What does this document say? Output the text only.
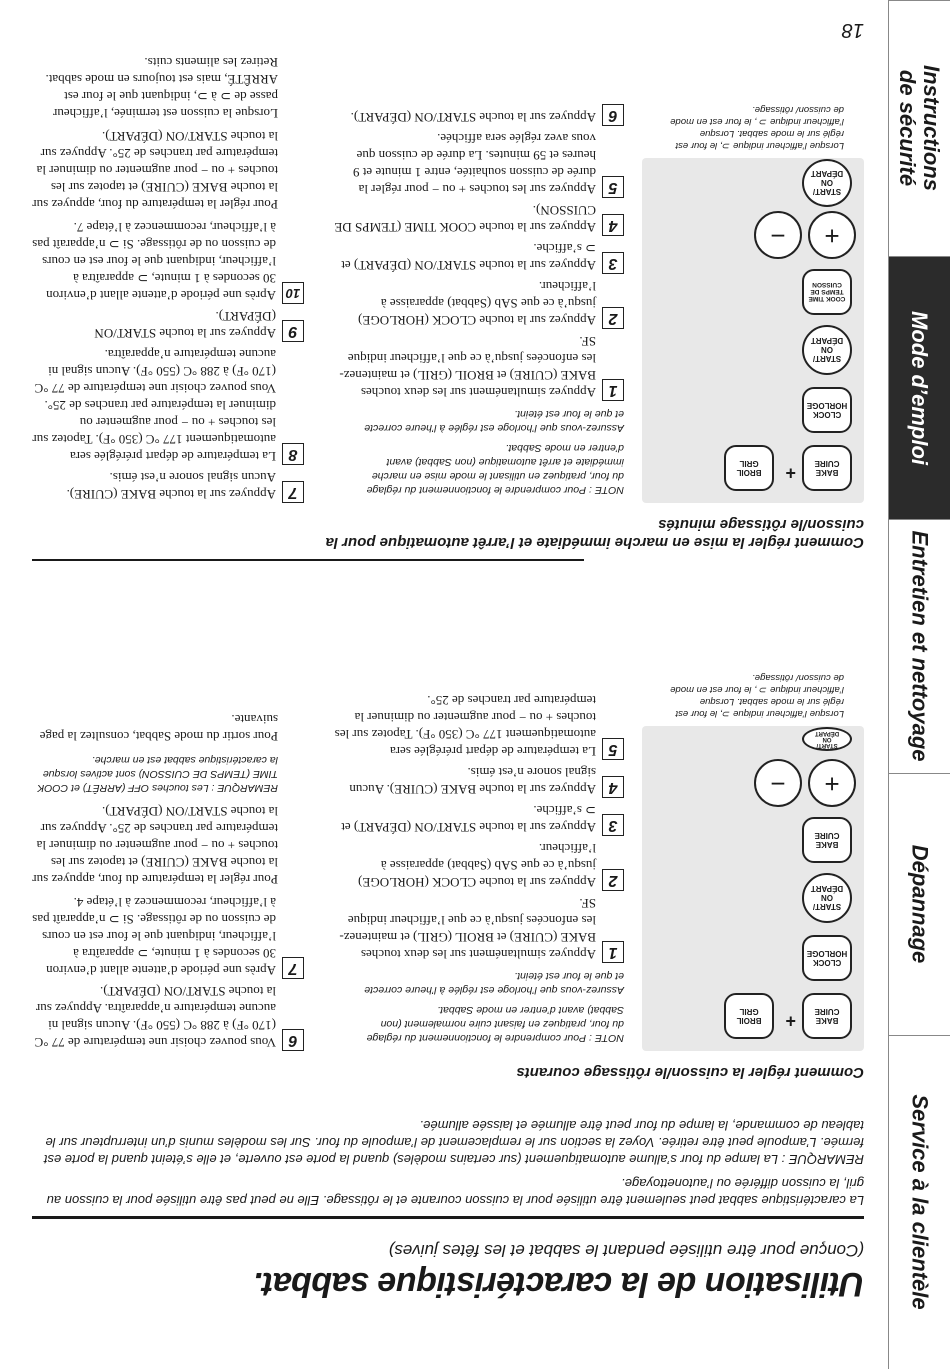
Instructions
de sécurité
Mode d’emploi
Entretien et nettoyage
Dépannage
Service à la clientèle
18
Utilisation de la caractéristique sabbat.
(Conçue pour être utilisée pendant le sabbat et les fêtes juives)

La caractéristique sabbat peut seulement être utilisée pour la cuisson courante et le rôtissage. Elle ne peut pas être utilisée pour la cuisson au gril, la cuisson différée ou l’autonettoyage.

REMARQUE : La lampe du four s’allume automatiquement (sur certains modèles) quand la porte est ouverte, et elle s’éteint quand la porte est fermée. L’ampoule peut être retirée. Voyez la section sur le remplacement de l’ampoule du four. Sur les modèles munis d’un interrupteur sur le tableau de commande, la lampe du four peut être allumée et laissée allumée.

Comment régler la cuisson/le rôtissage courants
BAKE
CUIRE
+
BROIL
GRIL
CLOCK
HORLOGE
START/
ON
DÉPART
BAKE
CUIRE
+
−
START/
ON
DÉPART
Lorsque l’afficheur indique ⊃, le four est réglé sur le mode sabbat. Lorsque l’afficheur indique ⊃ , le four est en mode de cuisson/ rôtissage.
NOTE : Pour comprendre le fonctionnement du réglage du four, pratiquez en faisant cuire normalement (non Sabbat) avant d’entrer en mode Sabbat.
Assurez-vous que l’horloge est réglée à l’heure correcte et que le four est éteint.
1
Appuyez simultanément sur les deux touches BAKE (CUIRE) et BROIL (GRIL) et maintenez-les enfoncées jusqu’à ce que l’afficheur indique SF.
2
Appuyez sur la touche CLOCK (HORLOGE) jusqu’à ce que SAb (Sabbat) apparaisse à l’afficheur.
3
Appuyez sur la touche START/ON (DÉPART) et ⊃ s’affiche.
4
Appuyez sur la touche BAKE (CUIRE). Aucun signal sonore n’est émis.
5
La température de départ préréglée sera automatiquement 177 °C (350 °F). Tapotez sur les touches + ou − pour augmenter ou diminuer la température par tranches de 25°.
6
Vous pouvez choisir une température de 77 °C (170 °F) à 288 °C (550 °F). Aucun signal ni aucune température n’apparaîtra. Appuyez sur la touche START/ON (DÉPART).
7
Après une période d’attente allant d’environ 30 secondes à 1 minute, ⊃ apparaîtra à l’afficheur, indiquant que le four est en cours de cuisson ou de rôtissage. Si ⊃ n’apparaît pas à l’afficheur, recommencez à l’étape 4.
Pour régler la température du four, appuyez sur la touche BAKE (CUIRE) et tapotez sur les touches + ou − pour augmenter ou diminuer la température par tranches de 25°. Appuyez sur la touche START/ON (DÉPART).
REMARQUE : Les touches OFF (ARRÊT) et COOK TIME (TEMPS DE CUISSON) sont actives lorsque la caractéristique sabbat est en marche.
Pour sortir du mode Sabbat, consultez la page suivante.
Comment régler la mise en marche immédiate et l’arrêt automatique pour la cuisson/le rôtissage minutés
BAKE
CUIRE
+
BROIL
GRIL
CLOCK
HORLOGE
START/
ON
DÉPART
COOK TIME
TEMPS DE
CUISSON
+
−
START/
ON
DÉPART
Lorsque l’afficheur indique ⊃, le four est réglé sur le mode sabbat. Lorsque l’afficheur indique ⊃ , le four est en mode de cuisson/ rôtissage.
NOTE : Pour comprendre le fonctionnement du réglage du four, pratiquez en utilisant le mode mise en marche immédiate et arrêt automatique (non Sabbat) avant d’entrer en mode Sabbat.
Assurez-vous que l’horloge est réglée à l’heure correcte et que le four est éteint.
1
Appuyez simultanément sur les deux touches BAKE (CUIRE) et BROIL (GRIL) et maintenez-les enfoncées jusqu’à ce que l’afficheur indique SF.
2
Appuyez sur la touche CLOCK (HORLOGE) jusqu’à ce que SAb (Sabbat) apparaisse à l’afficheur.
3
Appuyez sur la touche START/ON (DÉPART) et ⊃ s’affiche.
4
Appuyez sur la touche COOK TIME (TEMPS DE CUISSON).
5
Appuyez sur les touches + ou − pour régler la durée de cuisson souhaitée, entre 1 minute et 9 heures et 59 minutes. La durée de cuisson que vous avez réglée sera affichée.
6
Appuyez sur la touche START/ON (DÉPART).
7
Appuyez sur la touche BAKE (CUIRE). Aucun signal sonore n’est émis.
8
La température de départ préréglée sera automatiquement 177 °C (350 °F). Tapotez sur les touches + ou − pour augmenter ou diminuer la température par tranches de 25°. Vous pouvez choisir une température de 77 °C (170 °F) à 288 °C (550 °F). Aucun signal ni aucune température n’apparaîtra.
9
Appuyez sur la touche START/ON (DÉPART).
10
Après une période d’attente allant d’environ 30 secondes à 1 minute, ⊃ apparaîtra à l’afficheur, indiquant que le four est en cours de cuisson ou de rôtissage. Si ⊃ n’apparaît pas à l’afficheur, recommencez à l’étape 7.
Pour régler la température du four, appuyez sur la touche BAKE (CUIRE) et tapotez sur les touches + ou − pour augmenter ou diminuer la température par tranches de 25°. Appuyez sur la touche START/ON (DÉPART).
Lorsque la cuisson est terminée, l’afficheur passe de ⊃ à ⊃, indiquant que le four est ARRÊTÉ, mais est toujours en mode sabbat. Retirez les aliments cuits.
